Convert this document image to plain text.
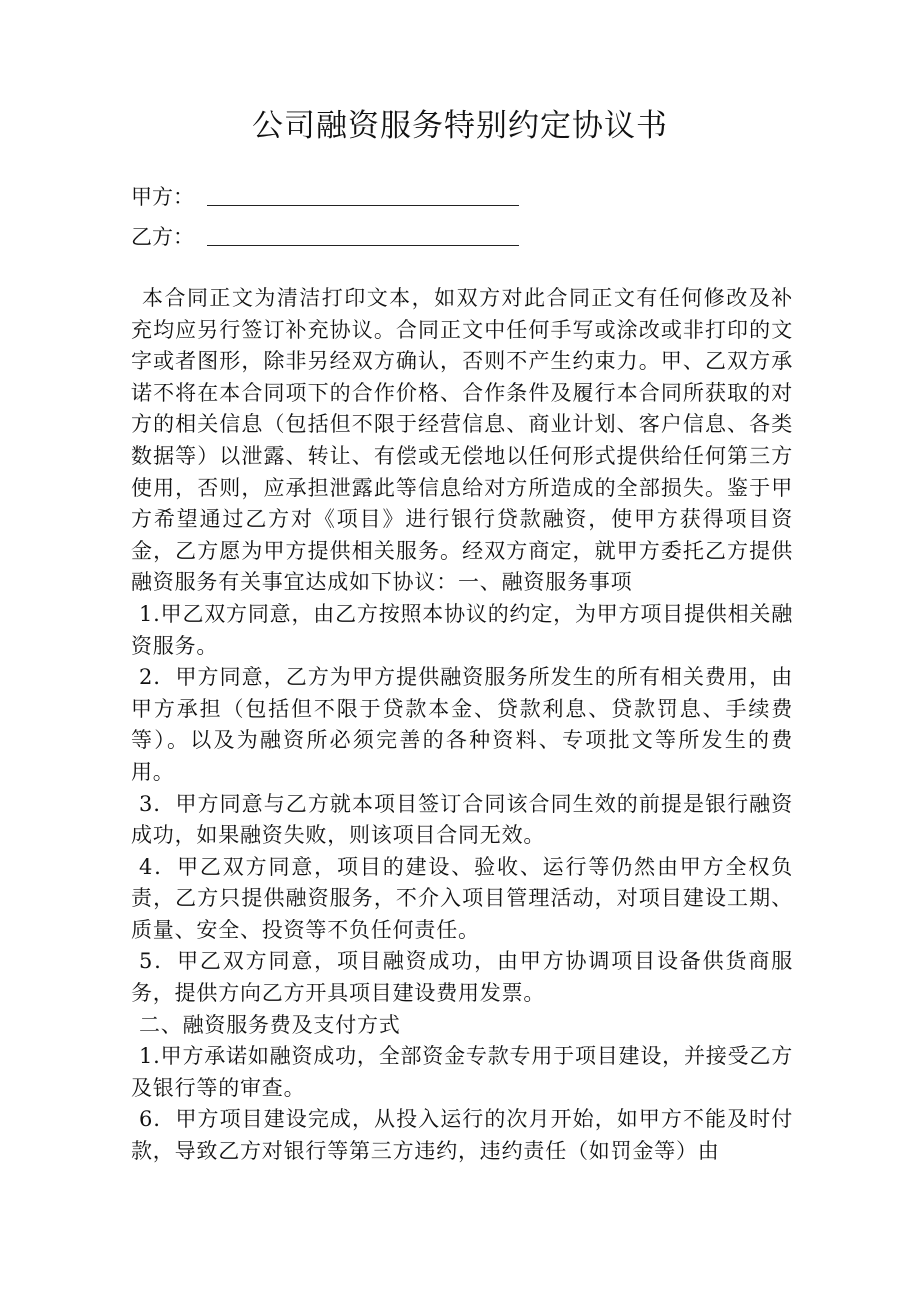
公司融资服务特别约定协议书
甲方：
乙方：

本合同正文为清洁打印文本，如双方对此合同正文有任何修改及补充均应另行签订补充协议。合同正文中任何手写或涂改或非打印的文字或者图形，除非另经双方确认，否则不产生约束力。甲、乙双方承诺不将在本合同项下的合作价格、合作条件及履行本合同所获取的对方的相关信息（包括但不限于经营信息、商业计划、客户信息、各类数据等）以泄露、转让、有偿或无偿地以任何形式提供给任何第三方使用，否则，应承担泄露此等信息给对方所造成的全部损失。鉴于甲方希望通过乙方对《项目》进行银行贷款融资，使甲方获得项目资金，乙方愿为甲方提供相关服务。经双方商定，就甲方委托乙方提供融资服务有关事宜达成如下协议：一、融资服务事项

1.甲乙双方同意，由乙方按照本协议的约定，为甲方项目提供相关融资服务。

2．甲方同意，乙方为甲方提供融资服务所发生的所有相关费用，由甲方承担（包括但不限于贷款本金、贷款利息、贷款罚息、手续费等）。以及为融资所必须完善的各种资料、专项批文等所发生的费用。

3．甲方同意与乙方就本项目签订合同该合同生效的前提是银行融资成功，如果融资失败，则该项目合同无效。

4．甲乙双方同意，项目的建设、验收、运行等仍然由甲方全权负责，乙方只提供融资服务，不介入项目管理活动，对项目建设工期、质量、安全、投资等不负任何责任。

5．甲乙双方同意，项目融资成功，由甲方协调项目设备供货商服务，提供方向乙方开具项目建设费用发票。

二、融资服务费及支付方式

1.甲方承诺如融资成功，全部资金专款专用于项目建设，并接受乙方及银行等的审查。

6．甲方项目建设完成，从投入运行的次月开始，如甲方不能及时付款，导致乙方对银行等第三方违约，违约责任（如罚金等）由
